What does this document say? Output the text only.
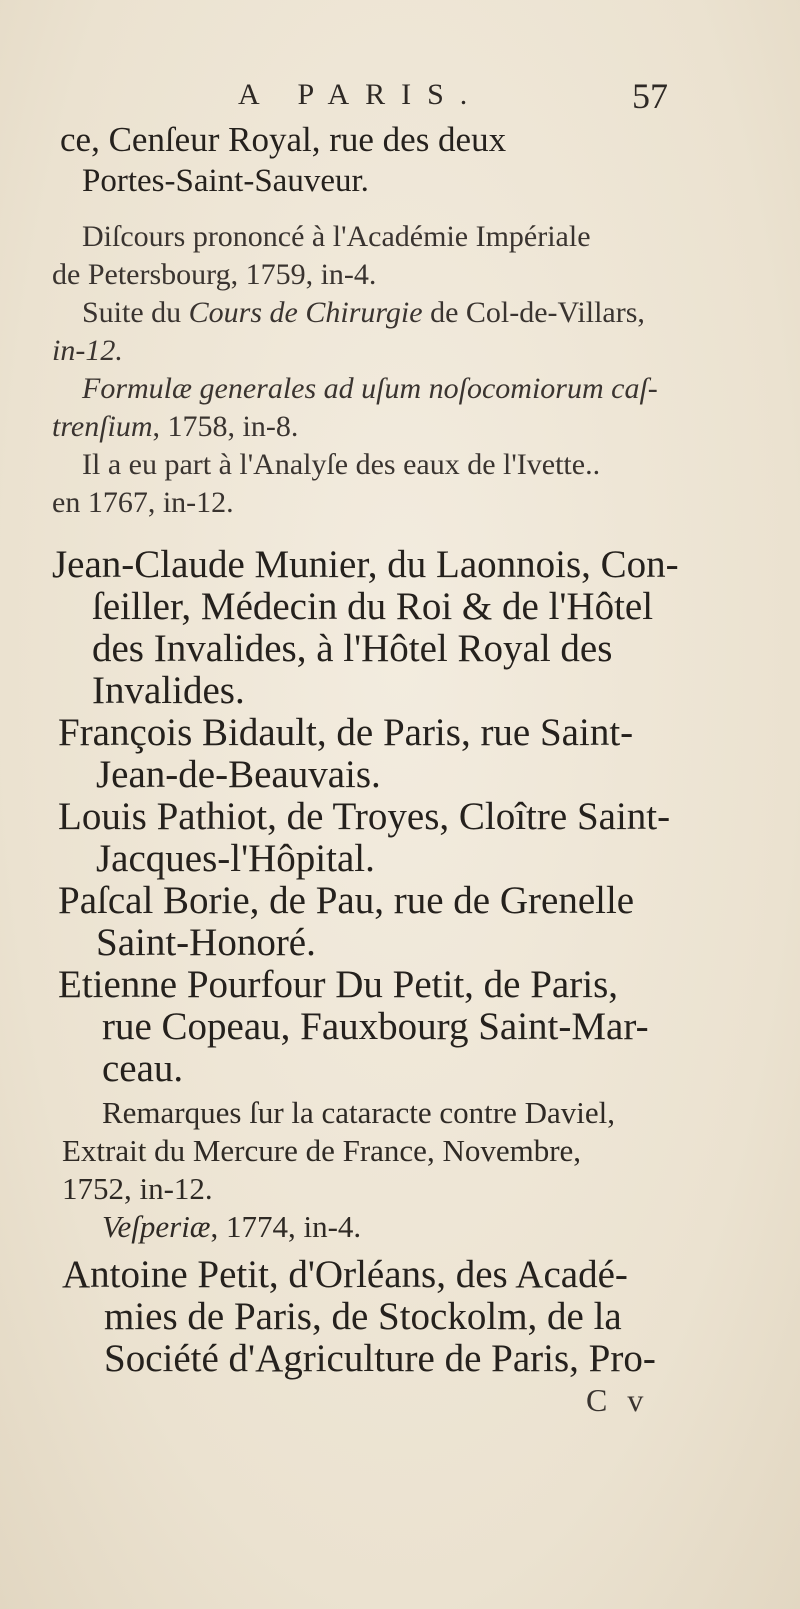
A PARIS.	57
ce, Cenſeur Royal, rue des deux
Portes-Saint-Sauveur.
Diſcours prononcé à l'Académie Impériale
de Petersbourg, 1759, in-4.
Suite du Cours de Chirurgie de Col-de-Villars,
in-12.
Formulæ generales ad uſum noſocomiorum caſ-
trenſium, 1758, in-8.
Il a eu part à l'Analyſe des eaux de l'Ivette..
en 1767, in-12.
Jean-Claude Munier, du Laonnois, Con-
ſeiller, Médecin du Roi & de l'Hôtel
des Invalides, à l'Hôtel Royal des
Invalides.
François Bidault, de Paris, rue Saint-
Jean-de-Beauvais.
Louis Pathiot, de Troyes, Cloître Saint-
Jacques-l'Hôpital.
Paſcal Borie, de Pau, rue de Grenelle
Saint-Honoré.
Etienne Pourfour Du Petit, de Paris,
rue Copeau, Fauxbourg Saint-Mar-
ceau.
Remarques ſur la cataracte contre Daviel,
Extrait du Mercure de France, Novembre,
1752, in-12.
Veſperiæ, 1774, in-4.
Antoine Petit, d'Orléans, des Acadé-
mies de Paris, de Stockolm, de la
Société d'Agriculture de Paris, Pro-
C v
